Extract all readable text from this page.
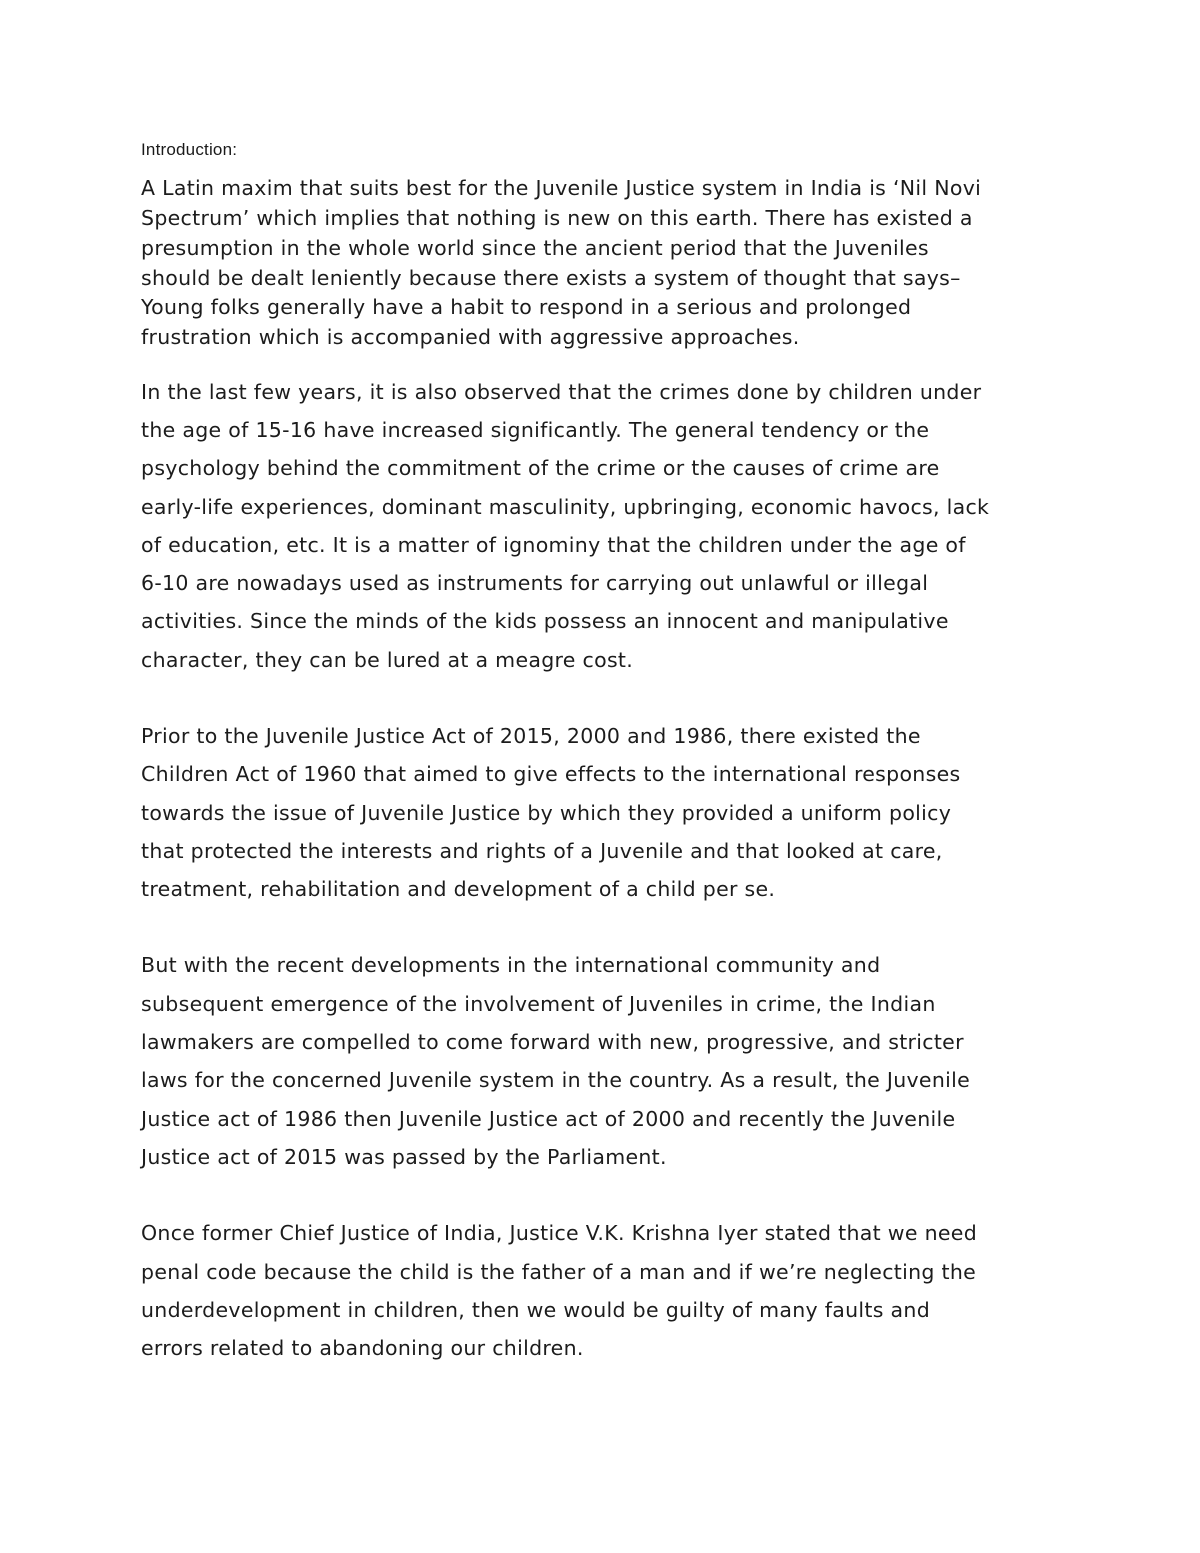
Introduction:

A Latin maxim that suits best for the Juvenile Justice system in India is ‘Nil Novi
Spectrum’ which implies that nothing is new on this earth. There has existed a
presumption in the whole world since the ancient period that the Juveniles
should be dealt leniently because there exists a system of thought that says–
Young folks generally have a habit to respond in a serious and prolonged
frustration which is accompanied with aggressive approaches.

In the last few years, it is also observed that the crimes done by children under
the age of 15-16 have increased significantly. The general tendency or the
psychology behind the commitment of the crime or the causes of crime are
early-life experiences, dominant masculinity, upbringing, economic havocs, lack
of education, etc. It is a matter of ignominy that the children under the age of
6-10 are nowadays used as instruments for carrying out unlawful or illegal
activities. Since the minds of the kids possess an innocent and manipulative
character, they can be lured at a meagre cost.

Prior to the Juvenile Justice Act of 2015, 2000 and 1986, there existed the
Children Act of 1960 that aimed to give effects to the international responses
towards the issue of Juvenile Justice by which they provided a uniform policy
that protected the interests and rights of a Juvenile and that looked at care,
treatment, rehabilitation and development of a child per se.

But with the recent developments in the international community and
subsequent emergence of the involvement of Juveniles in crime, the Indian
lawmakers are compelled to come forward with new, progressive, and stricter
laws for the concerned Juvenile system in the country. As a result, the Juvenile
Justice act of 1986 then Juvenile Justice act of 2000 and recently the Juvenile
Justice act of 2015 was passed by the Parliament.

Once former Chief Justice of India, Justice V.K. Krishna Iyer stated that we need
penal code because the child is the father of a man and if we’re neglecting the
underdevelopment in children, then we would be guilty of many faults and
errors related to abandoning our children.
